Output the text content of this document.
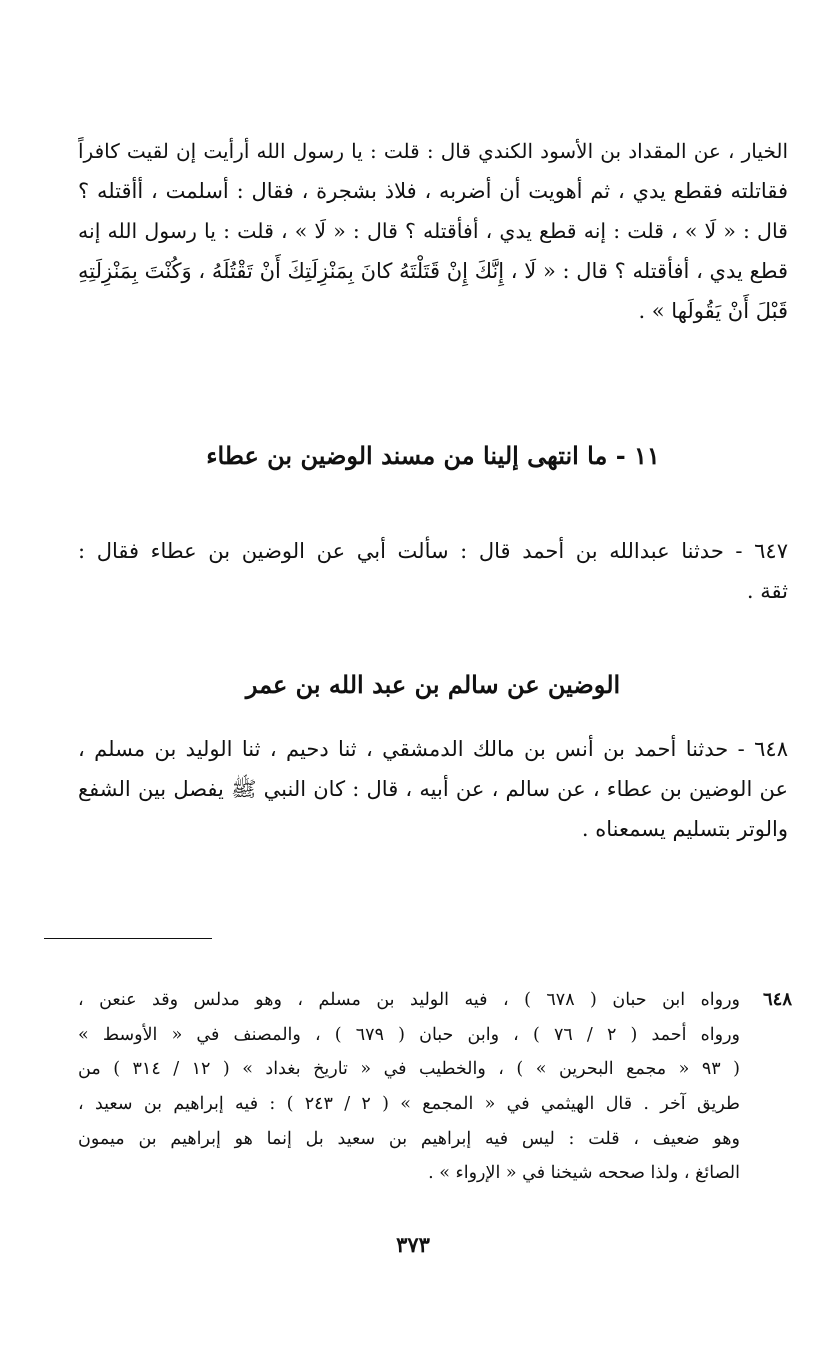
الخيار ، عن المقداد بن الأسود الكندي قال : قلت : يا رسول الله أرأيت إن لقيت كافراً
فقاتلته فقطع يدي ، ثم أهويت أن أضربه ، فلاذ بشجرة ، فقال : أسلمت ، أأقتله ؟
قال : « لَا » ، قلت : إنه قطع يدي ، أفأقتله ؟ قال : « لَا » ، قلت : يا رسول الله إنه
قطع يدي ، أفأقتله ؟ قال : « لَا ، إِنَّكَ إِنْ قَتَلْتَهُ كانَ بِمَنْزِلَتِكَ أَنْ تَقْتُلَهُ ، وَكُنْتَ بِمَنْزِلَتِهِ
قَبْلَ أَنْ يَقُولَها » .
١١ - ما انتهى إلينا من مسند الوضين بن عطاء
٦٤٧ - حدثنا عبدالله بن أحمد قال : سألت أبي عن الوضين بن عطاء فقال :
ثقة .
الوضين عن سالم بن عبد الله بن عمر
٦٤٨ - حدثنا أحمد بن أنس بن مالك الدمشقي ، ثنا دحيم ، ثنا الوليد بن مسلم ،
عن الوضين بن عطاء ، عن سالم ، عن أبيه ، قال : كان النبي ﷺ يفصل بين الشفع
والوتر بتسليم يسمعناه .
٦٤٨
ورواه ابن حبان ( ٦٧٨ ) ، فيه الوليد بن مسلم ، وهو مدلس وقد عنعن ،
ورواه أحمد ( ٢ / ٧٦ ) ، وابن حبان ( ٦٧٩ ) ، والمصنف في « الأوسط »
( ٩٣ « مجمع البحرين » ) ، والخطيب في « تاريخ بغداد » ( ١٢ / ٣١٤ ) من
طريق آخر . قال الهيثمي في « المجمع » ( ٢ / ٢٤٣ ) : فيه إبراهيم بن سعيد ،
وهو ضعيف ، قلت : ليس فيه إبراهيم بن سعيد بل إنما هو إبراهيم بن ميمون
الصائغ ، ولذا صححه شيخنا في « الإرواء » .
٣٧٣
